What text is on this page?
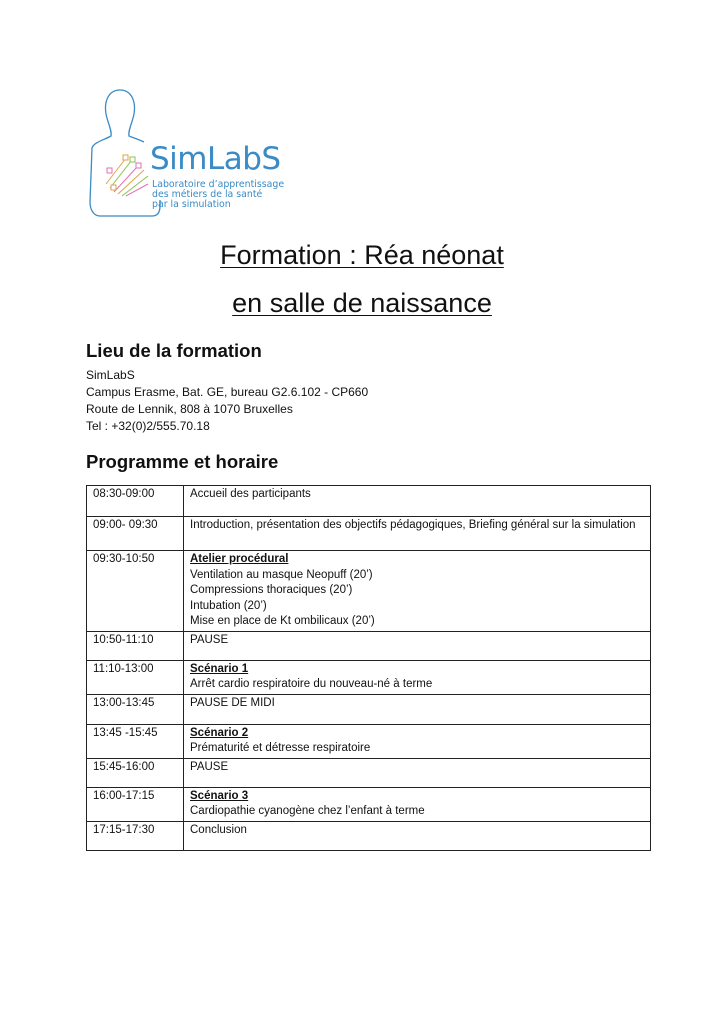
SimLabS
Laboratoire d’apprentissage
des métiers de la santé
par la simulation
Formation : Réa néonat
en salle de naissance
Lieu de la formation
SimLabS
Campus Erasme, Bat. GE, bureau G2.6.102 - CP660
Route de Lennik, 808 à 1070 Bruxelles
Tel : +32(0)2/555.70.18
Programme et horaire
08:30-09:00	Accueil des participants

09:00- 09:30	Introduction, présentation des objectifs pédagogiques, Briefing général sur la simulation

09:30-10:50	Atelier procédural
Ventilation au masque Neopuff (20’)
Compressions thoraciques (20’)
Intubation (20’)
Mise en place de Kt ombilicaux (20’)

10:50-11:10	PAUSE

11:10-13:00	Scénario 1
Arrêt cardio respiratoire du nouveau-né à terme

13:00-13:45	PAUSE DE MIDI

13:45 -15:45	Scénario 2
Prématurité et détresse respiratoire

15:45-16:00	PAUSE

16:00-17:15	Scénario 3
Cardiopathie cyanogène chez l’enfant à terme

17:15-17:30	Conclusion
